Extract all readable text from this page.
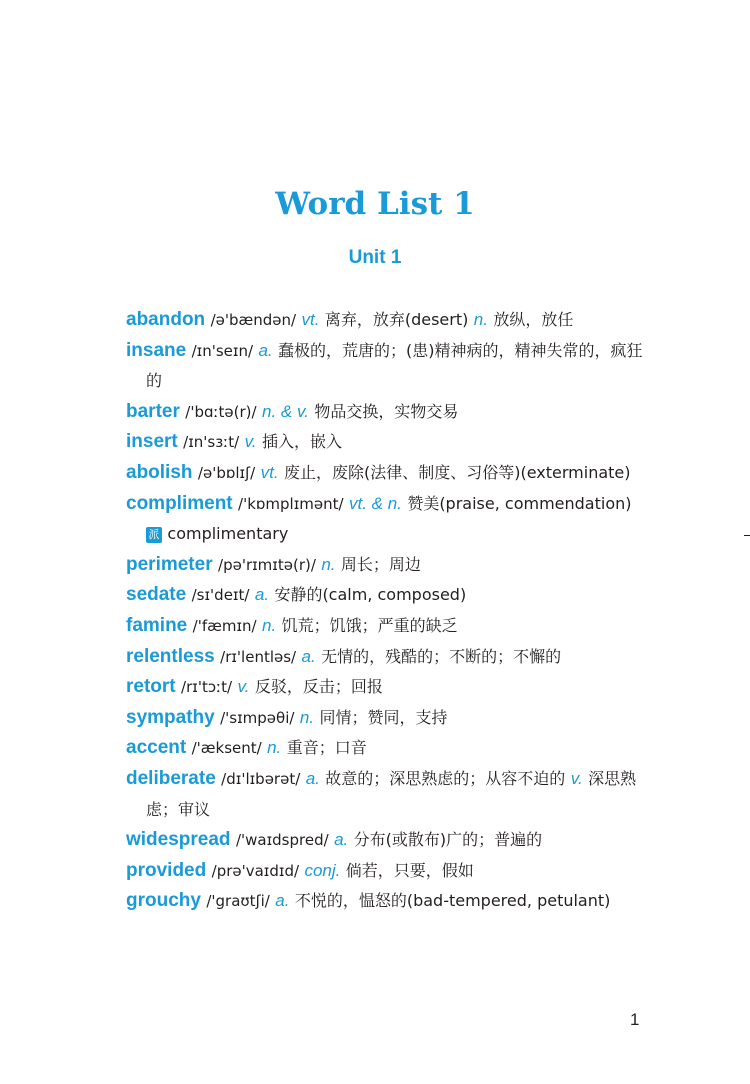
Word List 1
Unit 1
abandon /ə'bændən/ vt. 离弃，放弃(desert) n. 放纵，放任
insane /ɪn'seɪn/ a. 蠢极的，荒唐的；(患)精神病的，精神失常的，疯狂的
barter /'bɑːtə(r)/ n. & v. 物品交换，实物交易
insert /ɪn'sɜːt/ v. 插入，嵌入
abolish /ə'bɒlɪʃ/ vt. 废止，废除(法律、制度、习俗等)(exterminate)
compliment /'kɒmplɪmənt/ vt. & n. 赞美(praise, commendation) 派 complimentary
perimeter /pə'rɪmɪtə(r)/ n. 周长；周边
sedate /sɪ'deɪt/ a. 安静的(calm, composed)
famine /'fæmɪn/ n. 饥荒；饥饿；严重的缺乏
relentless /rɪ'lentləs/ a. 无情的，残酷的；不断的；不懈的
retort /rɪ'tɔːt/ v. 反驳，反击；回报
sympathy /'sɪmpəθi/ n. 同情；赞同，支持
accent /'æksent/ n. 重音；口音
deliberate /dɪ'lɪbərət/ a. 故意的；深思熟虑的；从容不迫的 v. 深思熟虑；审议
widespread /'waɪdspred/ a. 分布(或散布)广的；普遍的
provided /prə'vaɪdɪd/ conj. 倘若，只要，假如
grouchy /'graʊtʃi/ a. 不悦的，愠怒的(bad-tempered, petulant)
1
